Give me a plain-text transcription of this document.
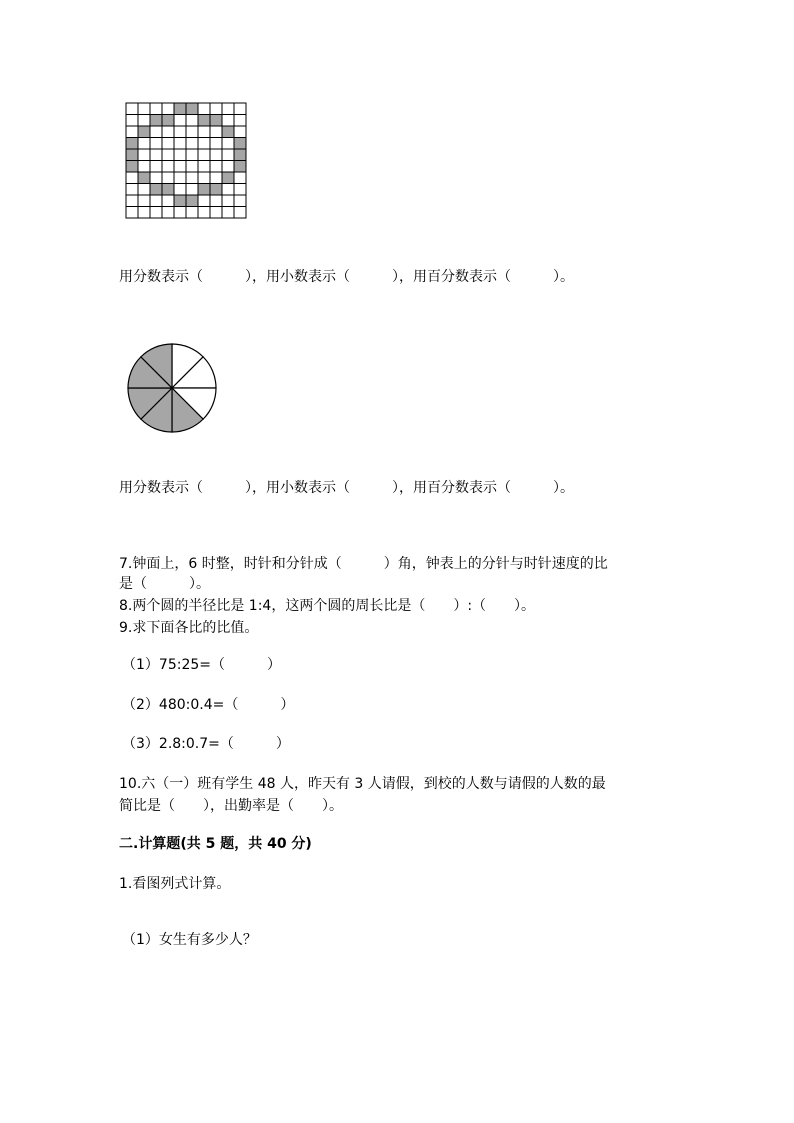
用分数表示（　　　），用小数表示（　　　），用百分数表示（　　　）。
用分数表示（　　　），用小数表示（　　　），用百分数表示（　　　）。
7.钟面上，6 时整，时针和分针成（　　　）角，钟表上的分针与时针速度的比
是（　　　）。
8.两个圆的半径比是 1:4，这两个圆的周长比是（　　）:（　　）。
9.求下面各比的比值。
（1）75:25=（　　　）
（2）480:0.4=（　　　）
（3）2.8:0.7=（　　　）
10.六（一）班有学生 48 人，昨天有 3 人请假，到校的人数与请假的人数的最
简比是（　　），出勤率是（　　）。
二.计算题(共 5 题，共 40 分)
1.看图列式计算。
（1）女生有多少人？
